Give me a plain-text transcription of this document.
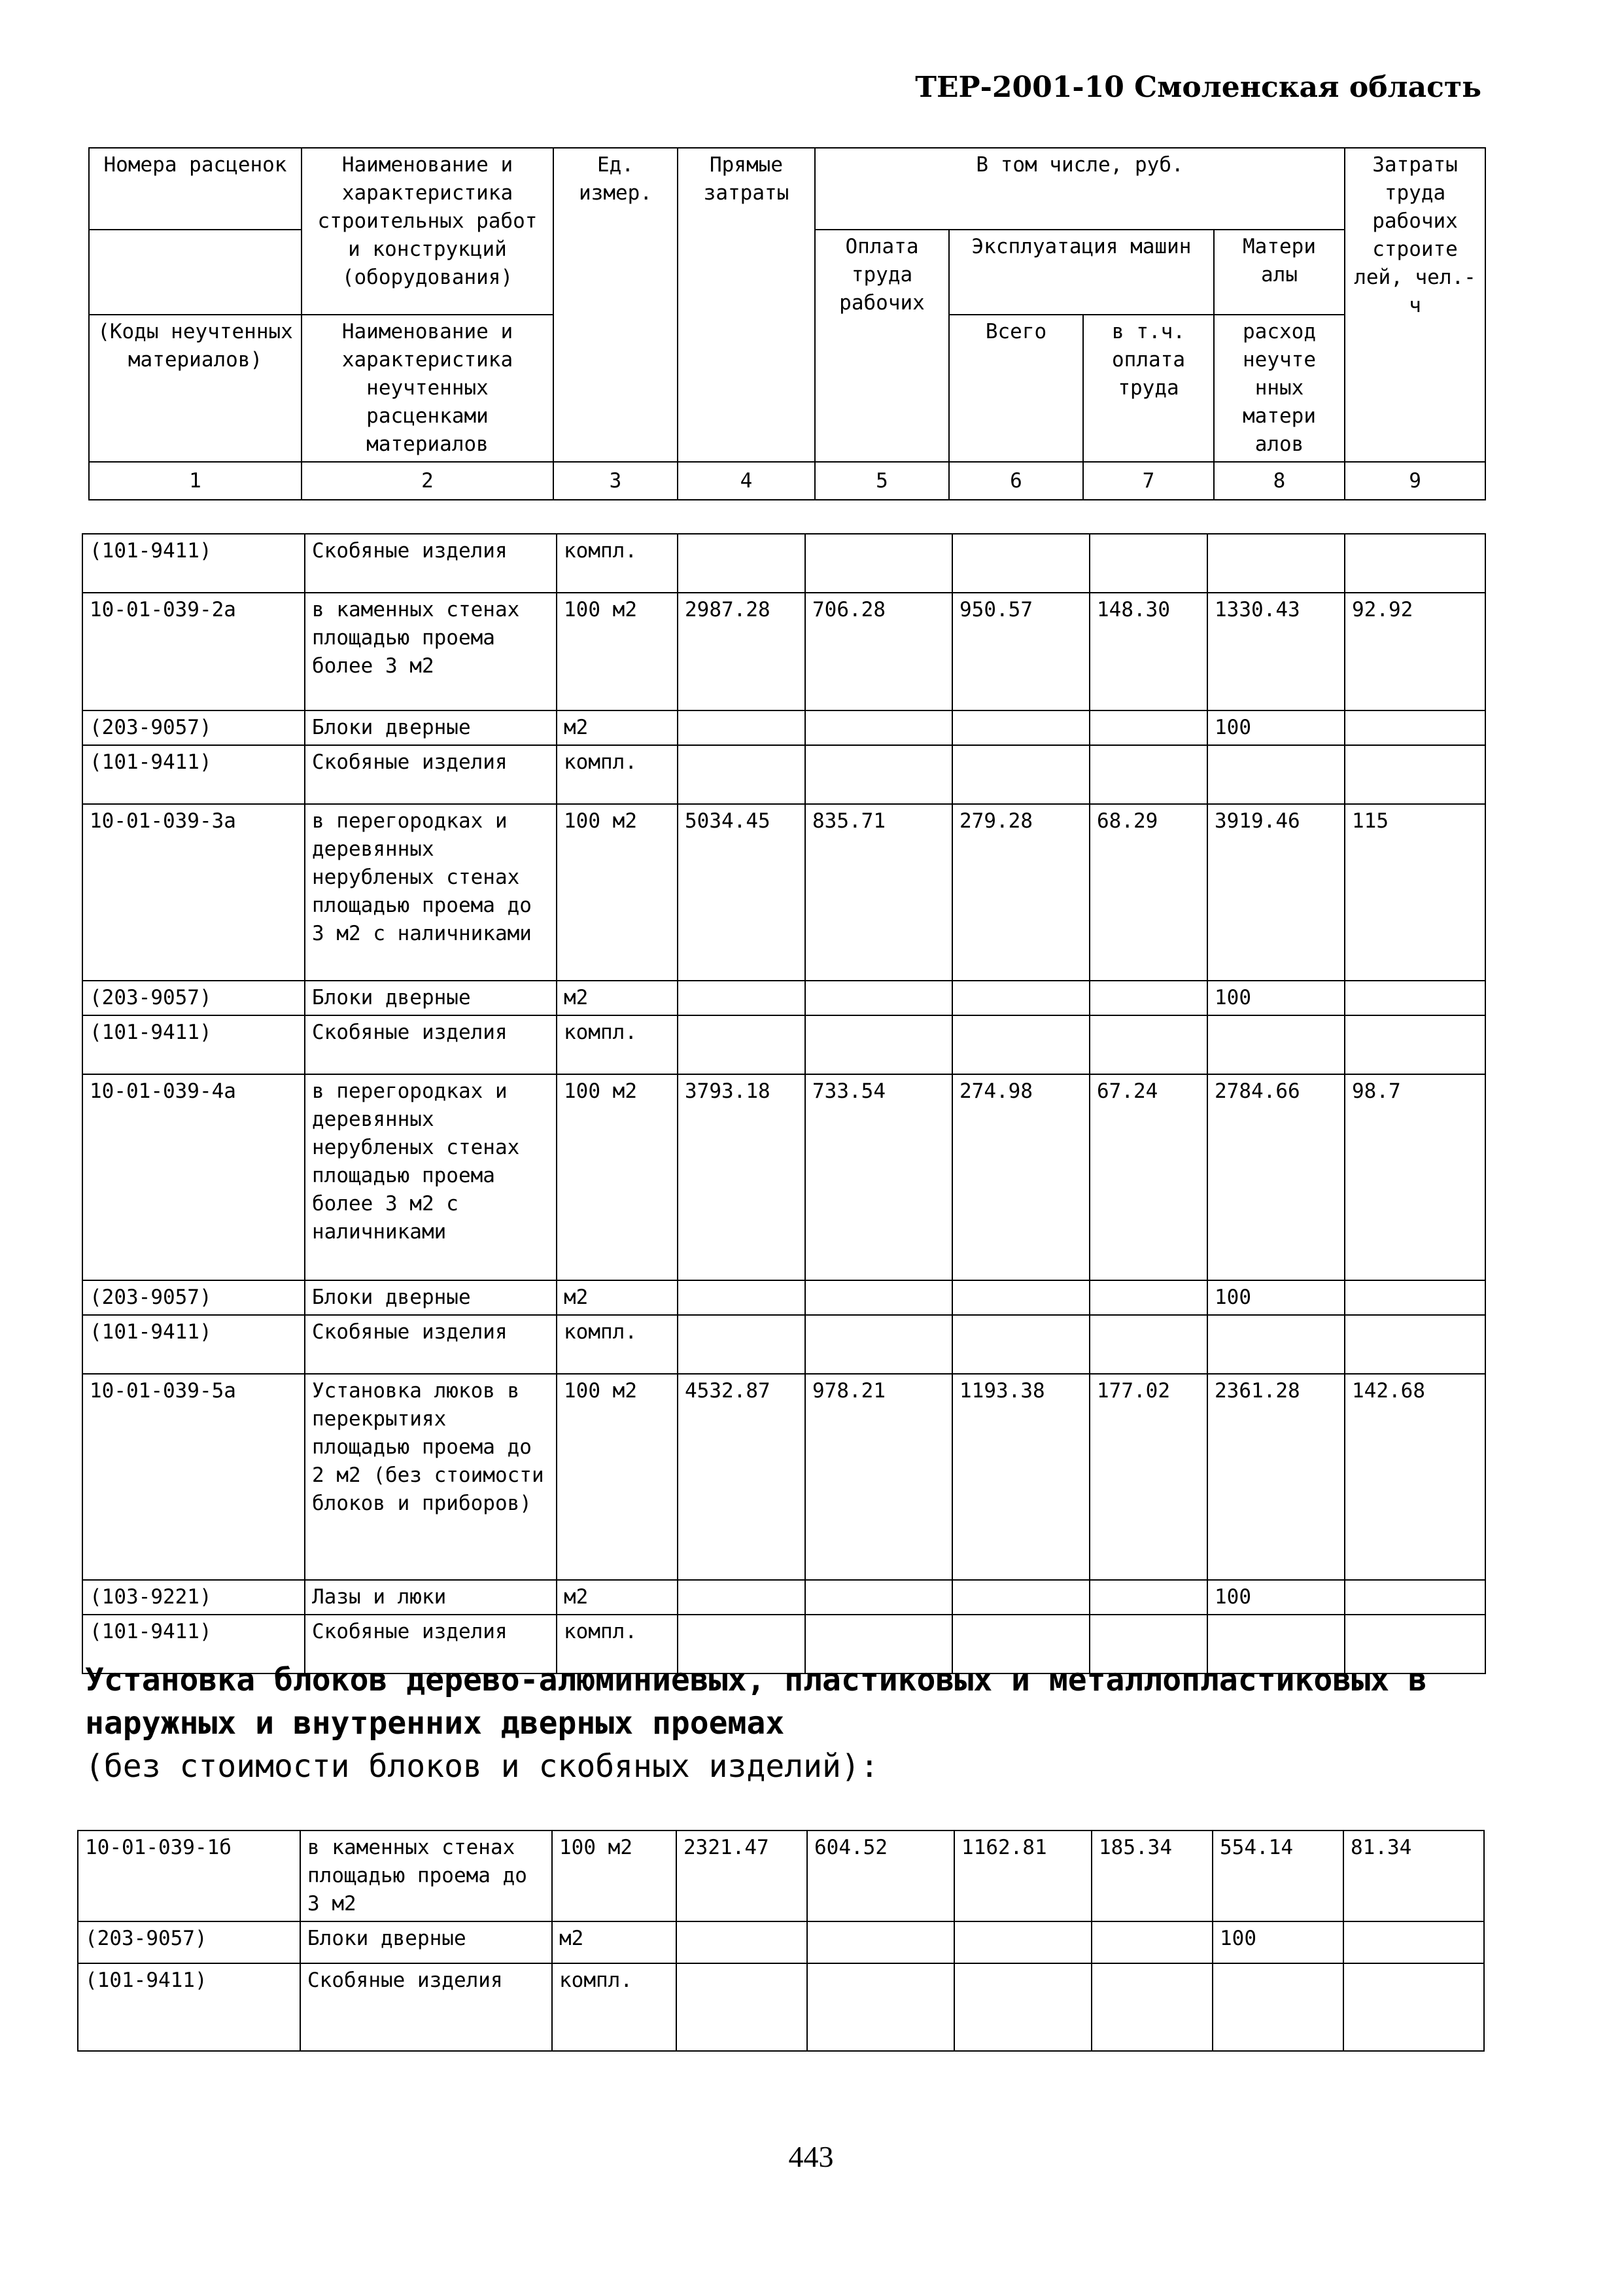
ТЕР-2001-10 Смоленская область
Номера расценок	Наименование и характеристика строительных работ и конструкций (оборудования)	Ед. измер.	Прямые затраты	В том числе, руб.				Затраты труда рабочих строите лей, чел.-ч
				Оплата труда рабочих	Эксплуатация машин		Матери алы	
(Коды неучтенных материалов)	Наименование и характеристика неучтенных расценками материалов				Всего	в т.ч. оплата труда	расход неучте нных матери алов	
1	2	3	4	5	6	7	8	9
(101-9411)	Скобяные изделия	компл.						
10-01-039-2а	в каменных стенах площадью проема более 3 м2	100 м2	2987.28	706.28	950.57	148.30	1330.43	92.92
(203-9057)	Блоки дверные	м2					100	
(101-9411)	Скобяные изделия	компл.						
10-01-039-3а	в перегородках и деревянных нерубленых стенах площадью проема до 3 м2 с наличниками	100 м2	5034.45	835.71	279.28	68.29	3919.46	115
(203-9057)	Блоки дверные	м2					100	
(101-9411)	Скобяные изделия	компл.						
10-01-039-4а	в перегородках и деревянных нерубленых стенах площадью проема более 3 м2 с наличниками	100 м2	3793.18	733.54	274.98	67.24	2784.66	98.7
(203-9057)	Блоки дверные	м2					100	
(101-9411)	Скобяные изделия	компл.						
10-01-039-5а	Установка люков в перекрытиях площадью проема до 2 м2 (без стоимости блоков и приборов)	100 м2	4532.87	978.21	1193.38	177.02	2361.28	142.68
(103-9221)	Лазы и люки	м2					100	
(101-9411)	Скобяные изделия	компл.						
Установка блоков дерево-алюминиевых, пластиковых и металлопластиковых в наружных и внутренних дверных проемах
(без стоимости блоков и скобяных изделий):
10-01-039-1б	в каменных стенах площадью проема до 3 м2	100 м2	2321.47	604.52	1162.81	185.34	554.14	81.34
(203-9057)	Блоки дверные	м2					100	
(101-9411)	Скобяные изделия	компл.						
443
